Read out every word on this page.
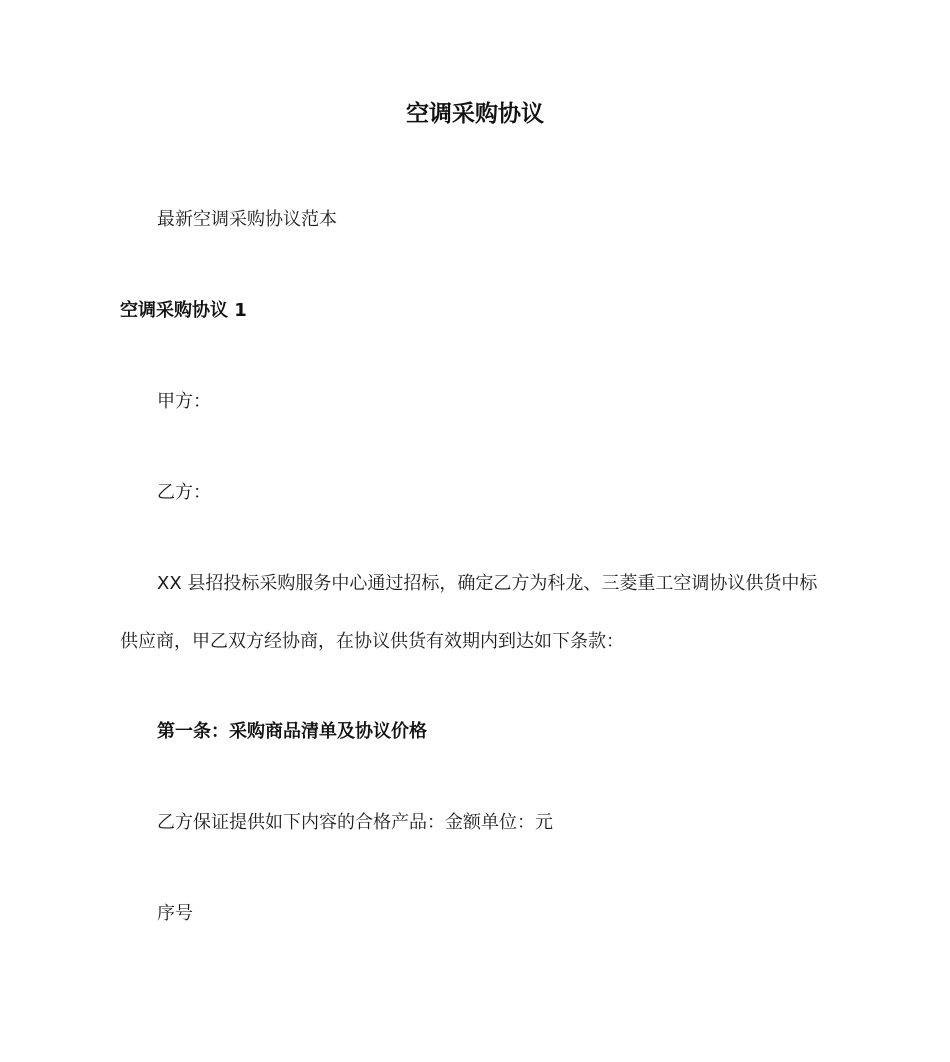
空调采购协议
最新空调采购协议范本
空调采购协议 1
甲方：
乙方：
XX 县招投标采购服务中心通过招标，确定乙方为科龙、三菱重工空调协议供货中标
供应商，甲乙双方经协商，在协议供货有效期内到达如下条款：
第一条：采购商品清单及协议价格
乙方保证提供如下内容的合格产品：金额单位：元
序号
